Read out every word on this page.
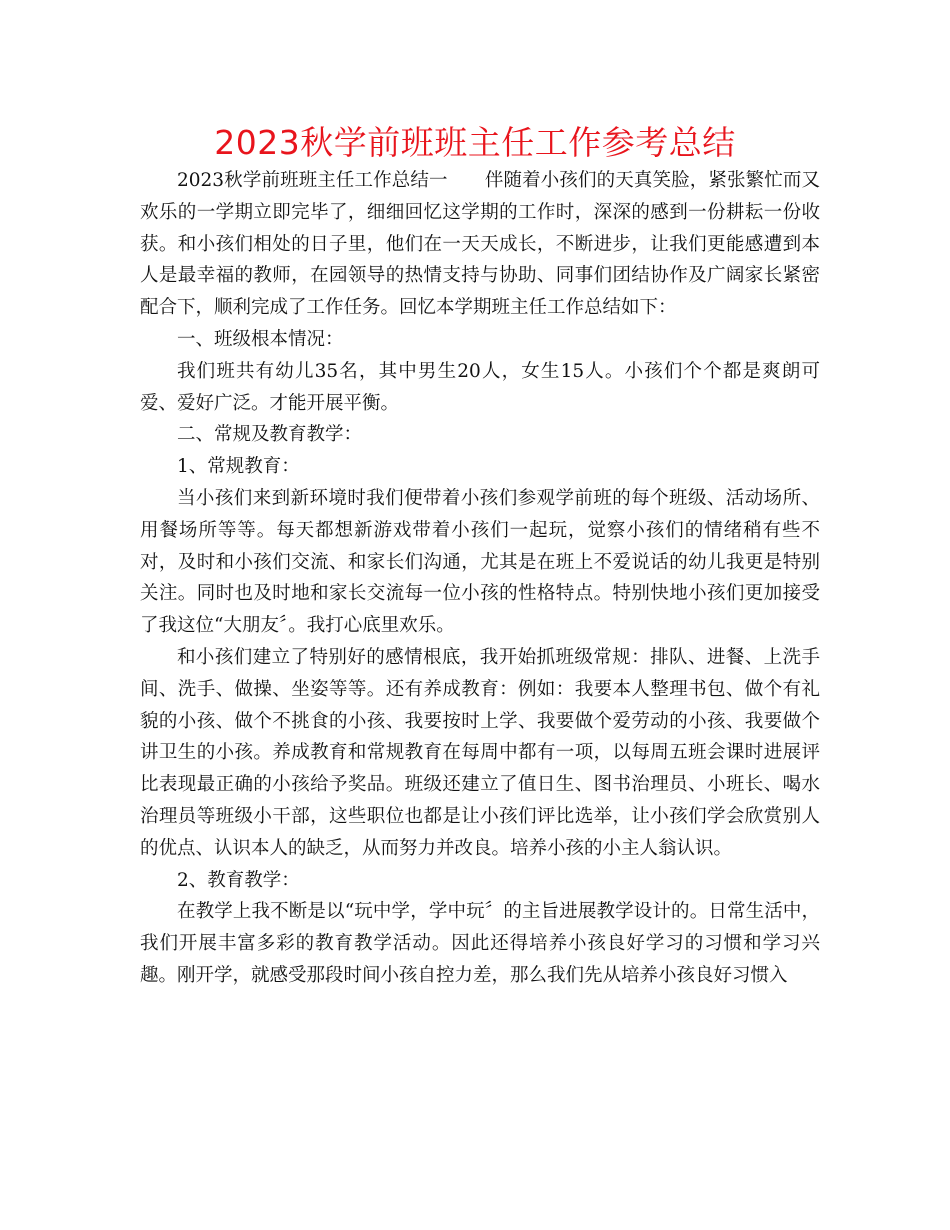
2023秋学前班班主任工作参考总结

2023秋学前班班主任工作总结一　　伴随着小孩们的天真笑脸，紧张繁忙而又欢乐的一学期立即完毕了，细细回忆这学期的工作时，深深的感到一份耕耘一份收获。和小孩们相处的日子里，他们在一天天成长，不断进步，让我们更能感遭到本人是最幸福的教师，在园领导的热情支持与协助、同事们团结协作及广阔家长紧密配合下，顺利完成了工作任务。回忆本学期班主任工作总结如下：

一、班级根本情况：

我们班共有幼儿35名，其中男生20人，女生15人。小孩们个个都是爽朗可爱、爱好广泛。才能开展平衡。

二、常规及教育教学：

1、常规教育：

当小孩们来到新环境时我们便带着小孩们参观学前班的每个班级、活动场所、用餐场所等等。每天都想新游戏带着小孩们一起玩，觉察小孩们的情绪稍有些不对，及时和小孩们交流、和家长们沟通，尤其是在班上不爱说话的幼儿我更是特别关注。同时也及时地和家长交流每一位小孩的性格特点。特别快地小孩们更加接受了我这位“大朋友〞。我打心底里欢乐。

和小孩们建立了特别好的感情根底，我开始抓班级常规：排队、进餐、上洗手间、洗手、做操、坐姿等等。还有养成教育：例如：我要本人整理书包、做个有礼貌的小孩、做个不挑食的小孩、我要按时上学、我要做个爱劳动的小孩、我要做个讲卫生的小孩。养成教育和常规教育在每周中都有一项，以每周五班会课时进展评比表现最正确的小孩给予奖品。班级还建立了值日生、图书治理员、小班长、喝水治理员等班级小干部，这些职位也都是让小孩们评比选举，让小孩们学会欣赏别人的优点、认识本人的缺乏，从而努力并改良。培养小孩的小主人翁认识。

2、教育教学：

在教学上我不断是以“玩中学，学中玩〞的主旨进展教学设计的。日常生活中，我们开展丰富多彩的教育教学活动。因此还得培养小孩良好学习的习惯和学习兴趣。刚开学，就感受那段时间小孩自控力差，那么我们先从培养小孩良好习惯入
